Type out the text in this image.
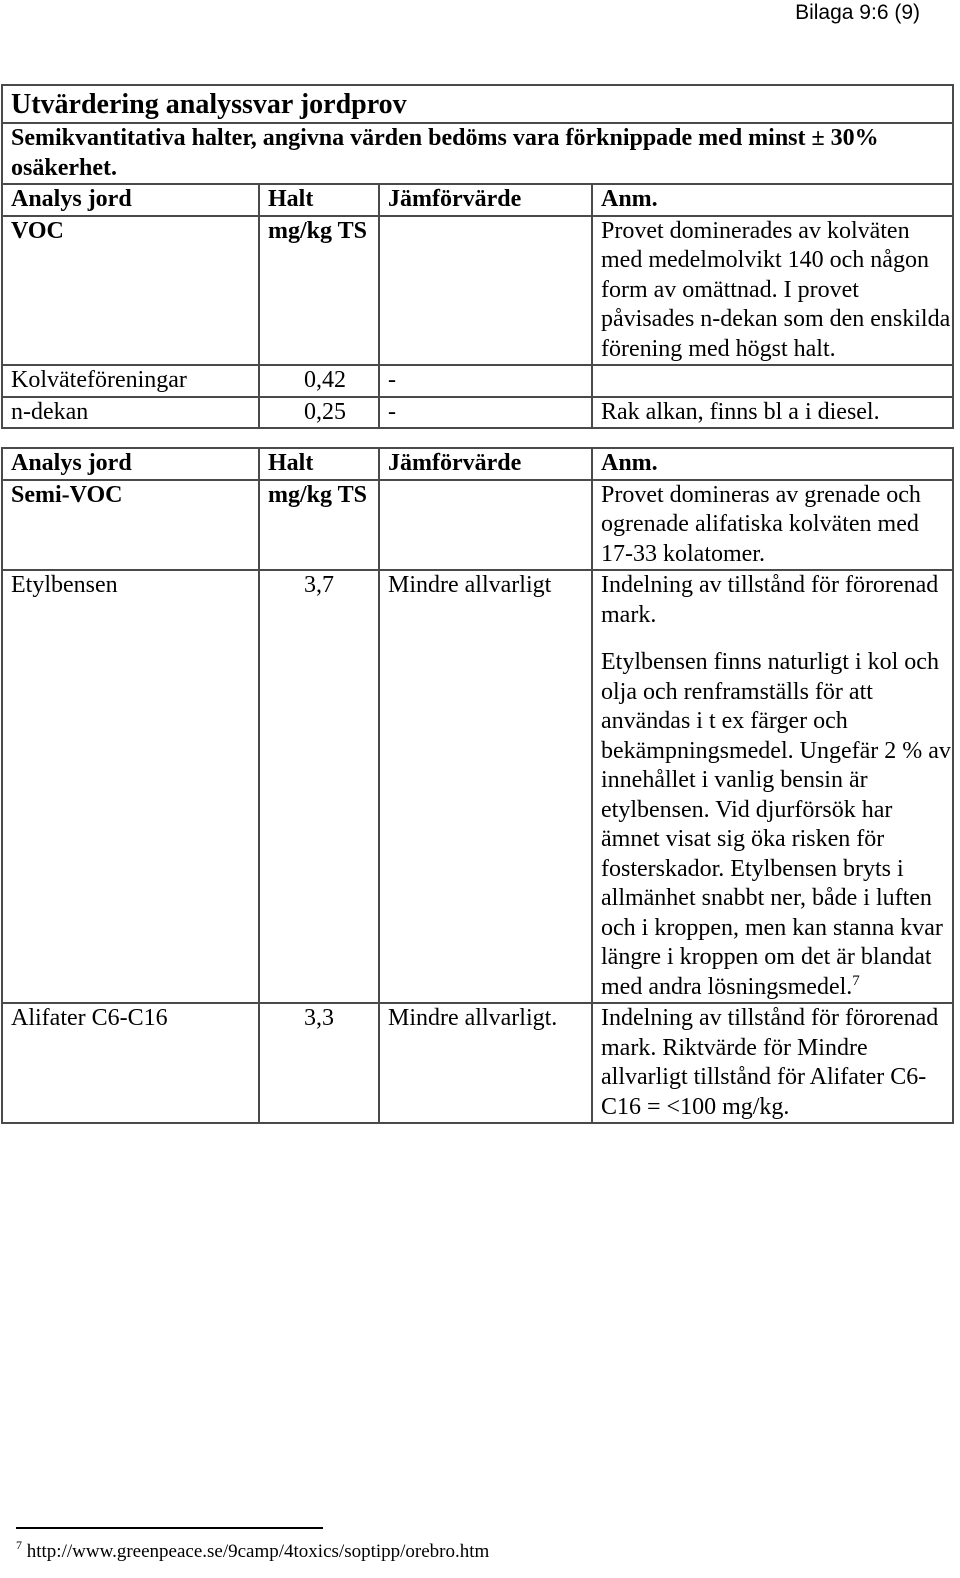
Bilaga 9:6 (9)
Utvärdering analyssvar jordprov			
Semikvantitativa halter, angivna värden bedöms vara förknippade med minst ± 30% osäkerhet.			
Analys jord	Halt	Jämförvärde	Anm.
VOC	mg/kg TS		Provet dominerades av kolväten med medelmolvikt 140 och någon form av omättnad. I provet påvisades n-dekan som den enskilda förening med högst halt.
Kolväteföreningar	0,42	-	
n-dekan	0,25	-	Rak alkan, finns bl a i diesel.
Analys jord	Halt	Jämförvärde	Anm.
Semi-VOC	mg/kg TS		Provet domineras av grenade och ogrenade alifatiska kolväten med 17-33 kolatomer.
Etylbensen	3,7	Mindre allvarligt	Indelning av tillstånd för förorenad mark.
Etylbensen finns naturligt i kol och olja och renframställs för att användas i t ex färger och bekämpningsmedel. Ungefär 2 % av innehållet i vanlig bensin är etylbensen. Vid djurförsök har ämnet visat sig öka risken för fosterskador. Etylbensen bryts i allmänhet snabbt ner, både i luften och i kroppen, men kan stanna kvar längre i kroppen om det är blandat med andra lösningsmedel.$^7$

Alifater C6-C16	3,3	Mindre allvarligt.	Indelning av tillstånd för förorenad mark. Riktvärde för Mindre allvarligt tillstånd för Alifater C6-C16 = <100 mg/kg.
$^7$ http://www.greenpeace.se/9camp/4toxics/soptipp/orebro.htm
